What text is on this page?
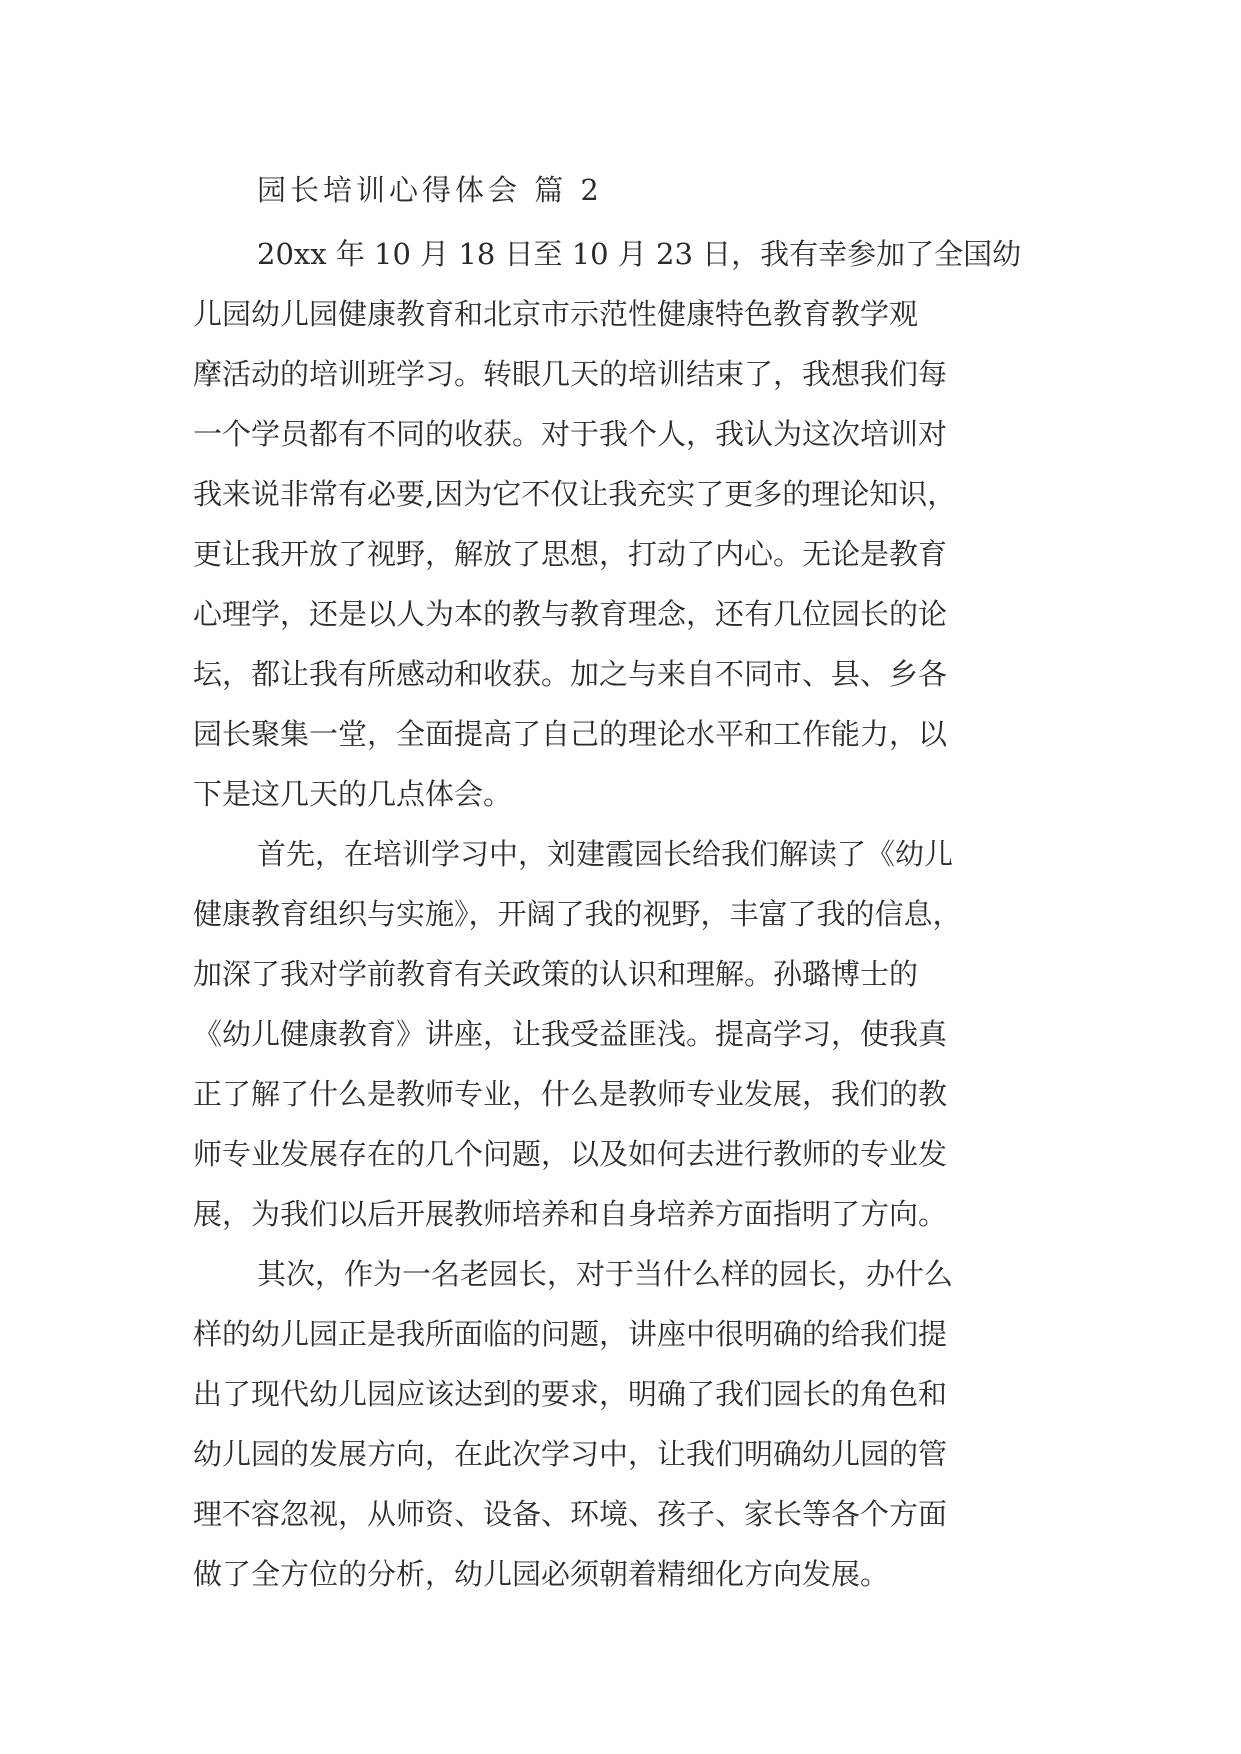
园长培训心得体会 篇 2
20xx 年 10 月 18 日至 10 月 23 日，我有幸参加了全国幼
儿园幼儿园健康教育和北京市示范性健康特色教育教学观
摩活动的培训班学习。转眼几天的培训结束了，我想我们每
一个学员都有不同的收获。对于我个人，我认为这次培训对
我来说非常有必要,因为它不仅让我充实了更多的理论知识，
更让我开放了视野，解放了思想，打动了内心。无论是教育
心理学，还是以人为本的教与教育理念，还有几位园长的论
坛，都让我有所感动和收获。加之与来自不同市、县、乡各
园长聚集一堂，全面提高了自己的理论水平和工作能力，以
下是这几天的几点体会。
首先，在培训学习中，刘建霞园长给我们解读了《幼儿
健康教育组织与实施》，开阔了我的视野，丰富了我的信息，
加深了我对学前教育有关政策的认识和理解。孙璐博士的
《幼儿健康教育》讲座，让我受益匪浅。提高学习，使我真
正了解了什么是教师专业，什么是教师专业发展，我们的教
师专业发展存在的几个问题，以及如何去进行教师的专业发
展，为我们以后开展教师培养和自身培养方面指明了方向。
其次，作为一名老园长，对于当什么样的园长，办什么
样的幼儿园正是我所面临的问题，讲座中很明确的给我们提
出了现代幼儿园应该达到的要求，明确了我们园长的角色和
幼儿园的发展方向，在此次学习中，让我们明确幼儿园的管
理不容忽视，从师资、设备、环境、孩子、家长等各个方面
做了全方位的分析，幼儿园必须朝着精细化方向发展。
